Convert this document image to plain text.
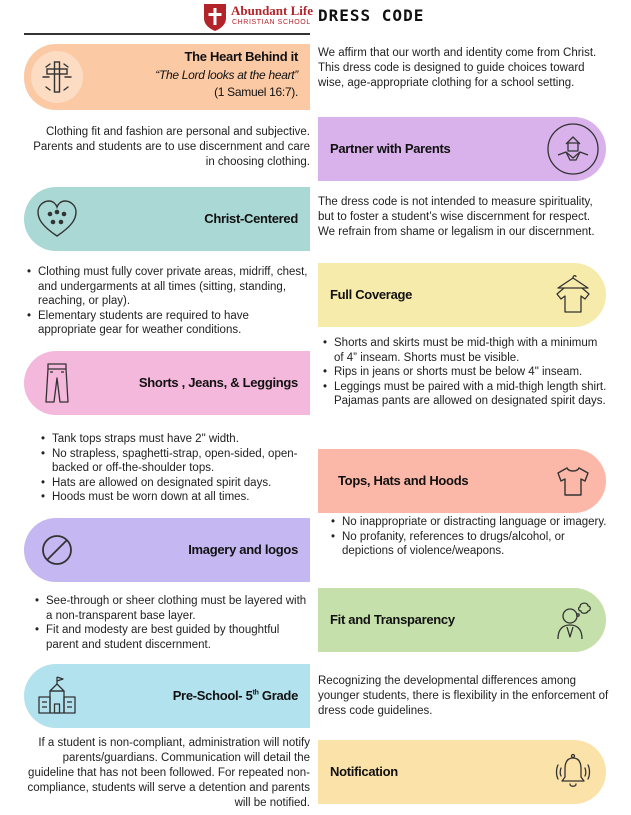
Abundant Life
CHRISTIAN SCHOOL DRESS CODE
The Heart Behind it
“The Lord looks at the heart”
(1 Samuel 16:7).
We affirm that our worth and identity come from Christ. This dress code is designed to guide choices toward wise, age-appropriate clothing for a school setting.
Clothing fit and fashion are personal and subjective. Parents and students are to use discernment and care in choosing clothing.
Partner with Parents
Christ-Centered
The dress code is not intended to measure spirituality, but to foster a student’s wise discernment for respect. We refrain from shame or legalism in our discernment.
• Clothing must fully cover private areas, midriff, chest, and undergarments at all times (sitting, standing, reaching, or play).
• Elementary students are required to have appropriate gear for weather conditions.
Full Coverage
Shorts , Jeans, & Leggings
• Shorts and skirts must be mid-thigh with a minimum of 4” inseam. Shorts must be visible.
• Rips in jeans or shorts must be below 4" inseam.
• Leggings must be paired with a mid-thigh length shirt. Pajamas pants are allowed on designated spirit days.
• Tank tops straps must have 2" width.
• No strapless, spaghetti-strap, open-sided, open-backed or off-the-shoulder tops.
• Hats are allowed on designated spirit days.
• Hoods must be worn down at all times.
Tops, Hats and Hoods
Imagery and logos
• No inappropriate or distracting language or imagery.
• No profanity, references to drugs/alcohol, or depictions of violence/weapons.
• See-through or sheer clothing must be layered with a non-transparent base layer.
• Fit and modesty are best guided by thoughtful parent and student discernment.
Fit and Transparency
Pre-School- 5th Grade
Recognizing the developmental differences among younger students, there is flexibility in the enforcement of dress code guidelines.
If a student is non-compliant, administration will notify parents/guardians. Communication will detail the guideline that has not been followed. For repeated non-compliance, students will serve a detention and parents will be notified.
Notification
